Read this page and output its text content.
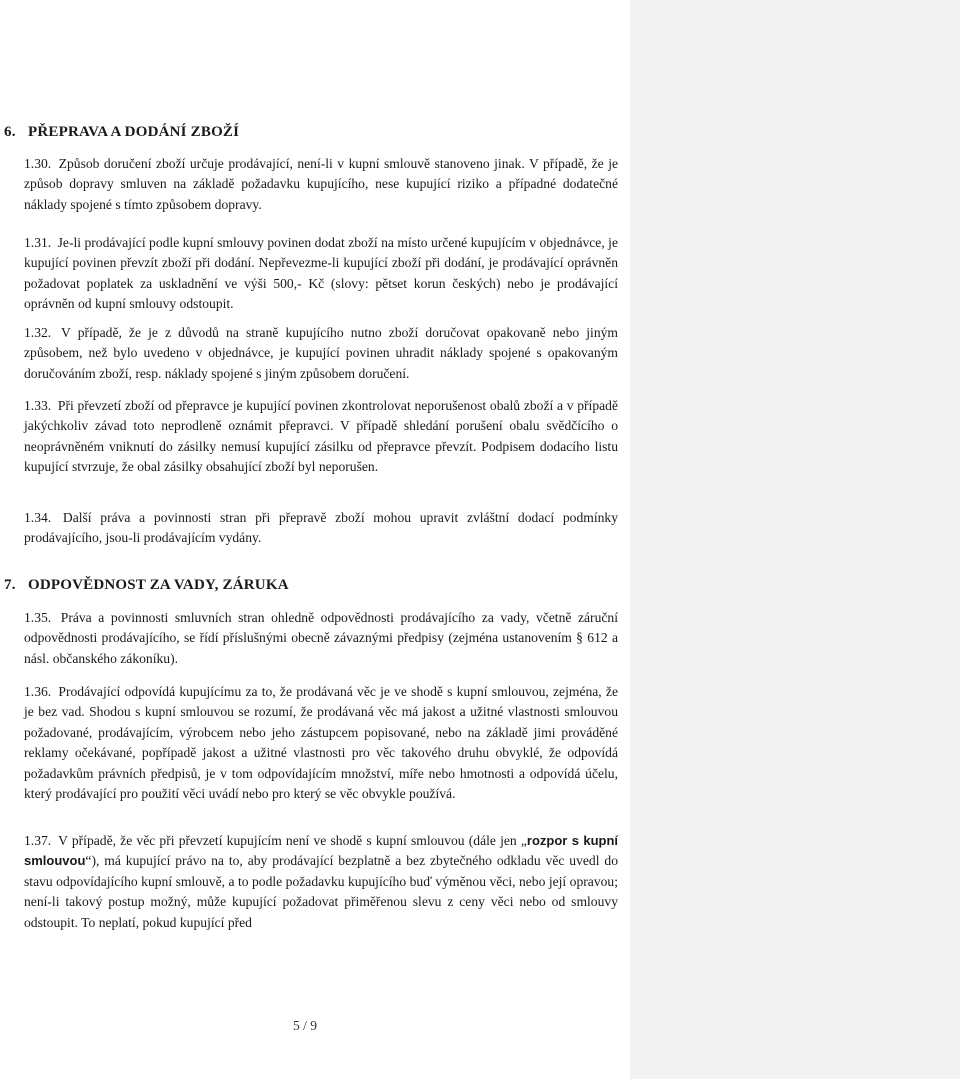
6. PŘEPRAVA A DODÁNÍ ZBOŽÍ

1.30. Způsob doručení zboží určuje prodávající, není-li v kupní smlouvě stanoveno jinak. V případě, že je způsob dopravy smluven na základě požadavku kupujícího, nese kupující riziko a případné dodatečné náklady spojené s tímto způsobem dopravy.

1.31. Je-li prodávající podle kupní smlouvy povinen dodat zboží na místo určené kupujícím v objednávce, je kupující povinen převzít zboží při dodání. Nepřevezme-li kupující zboží při dodání, je prodávající oprávněn požadovat poplatek za uskladnění ve výši 500,- Kč (slovy: pětset korun českých) nebo je prodávající oprávněn od kupní smlouvy odstoupit.

1.32. V případě, že je z důvodů na straně kupujícího nutno zboží doručovat opakovaně nebo jiným způsobem, než bylo uvedeno v objednávce, je kupující povinen uhradit náklady spojené s opakovaným doručováním zboží, resp. náklady spojené s jiným způsobem doručení.

1.33. Při převzetí zboží od přepravce je kupující povinen zkontrolovat neporušenost obalů zboží a v případě jakýchkoliv závad toto neprodleně oznámit přepravci. V případě shledání porušení obalu svědčícího o neoprávněném vniknutí do zásilky nemusí kupující zásilku od přepravce převzít. Podpisem dodacího listu kupující stvrzuje, že obal zásilky obsahující zboží byl neporušen.

1.34. Další práva a povinnosti stran při přepravě zboží mohou upravit zvláštní dodací podmínky prodávajícího, jsou-li prodávajícím vydány.

7. ODPOVĚDNOST ZA VADY, ZÁRUKA

1.35. Práva a povinnosti smluvních stran ohledně odpovědnosti prodávajícího za vady, včetně záruční odpovědnosti prodávajícího, se řídí příslušnými obecně závaznými předpisy (zejména ustanovením § 612 a násl. občanského zákoníku).

1.36. Prodávající odpovídá kupujícímu za to, že prodávaná věc je ve shodě s kupní smlouvou, zejména, že je bez vad. Shodou s kupní smlouvou se rozumí, že prodávaná věc má jakost a užitné vlastnosti smlouvou požadované, prodávajícím, výrobcem nebo jeho zástupcem popisované, nebo na základě jimi prováděné reklamy očekávané, popřípadě jakost a užitné vlastnosti pro věc takového druhu obvyklé, že odpovídá požadavkům právních předpisů, je v tom odpovídajícím množství, míře nebo hmotnosti a odpovídá účelu, který prodávající pro použití věci uvádí nebo pro který se věc obvykle používá.

1.37. V případě, že věc při převzetí kupujícím není ve shodě s kupní smlouvou (dále jen „rozpor s kupní smlouvou“), má kupující právo na to, aby prodávající bezplatně a bez zbytečného odkladu věc uvedl do stavu odpovídajícího kupní smlouvě, a to podle požadavku kupujícího buď výměnou věci, nebo její opravou; není-li takový postup možný, může kupující požadovat přiměřenou slevu z ceny věci nebo od smlouvy odstoupit. To neplatí, pokud kupující před

5 / 9
